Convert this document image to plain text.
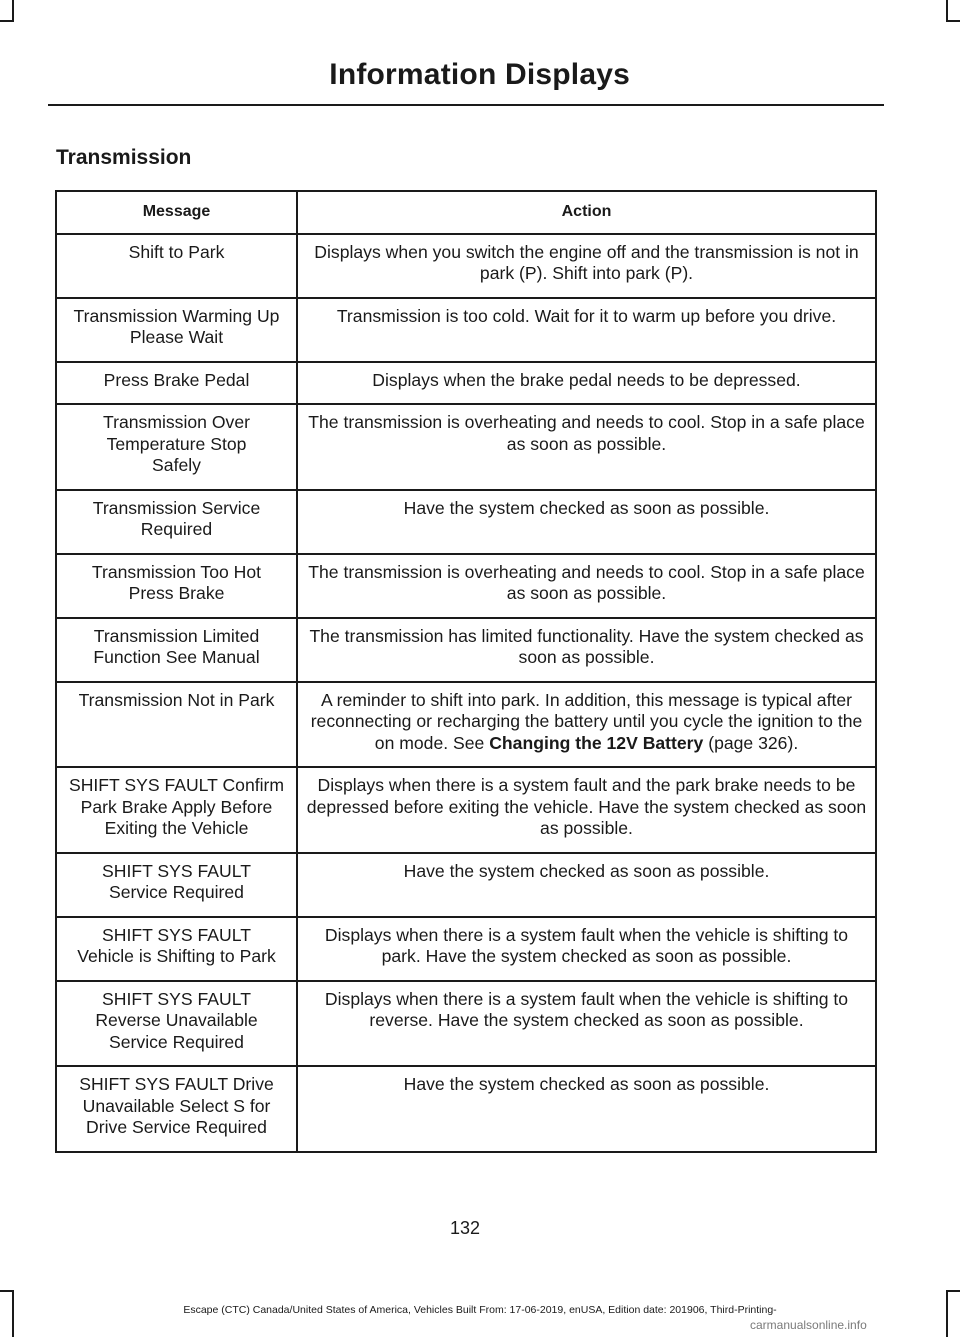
Information Displays
Transmission
Message	Action
Shift to Park	Displays when you switch the engine off and the transmission is not in park (P). Shift into park (P).
Transmission Warming Up Please Wait	Transmission is too cold. Wait for it to warm up before you drive.
Press Brake Pedal	Displays when the brake pedal needs to be depressed.
Transmission Over Temperature Stop Safely	The transmission is overheating and needs to cool. Stop in a safe place as soon as possible.
Transmission Service Required	Have the system checked as soon as possible.
Transmission Too Hot Press Brake	The transmission is overheating and needs to cool. Stop in a safe place as soon as possible.
Transmission Limited Function See Manual	The transmission has limited functionality. Have the system checked as soon as possible.
Transmission Not in Park	A reminder to shift into park. In addition, this message is typical after reconnecting or recharging the battery until you cycle the ignition to the on mode. See Changing the 12V Battery (page 326).
SHIFT SYS FAULT Confirm Park Brake Apply Before Exiting the Vehicle	Displays when there is a system fault and the park brake needs to be depressed before exiting the vehicle. Have the system checked as soon as possible.
SHIFT SYS FAULT Service Required	Have the system checked as soon as possible.
SHIFT SYS FAULT Vehicle is Shifting to Park	Displays when there is a system fault when the vehicle is shifting to park. Have the system checked as soon as possible.
SHIFT SYS FAULT Reverse Unavailable Service Required	Displays when there is a system fault when the vehicle is shifting to reverse. Have the system checked as soon as possible.
SHIFT SYS FAULT Drive Unavailable Select S for Drive Service Required	Have the system checked as soon as possible.
132
Escape (CTC) Canada/United States of America, Vehicles Built From: 17-06-2019, enUSA, Edition date: 201906, Third-Printing-
carmanualsonline.info
